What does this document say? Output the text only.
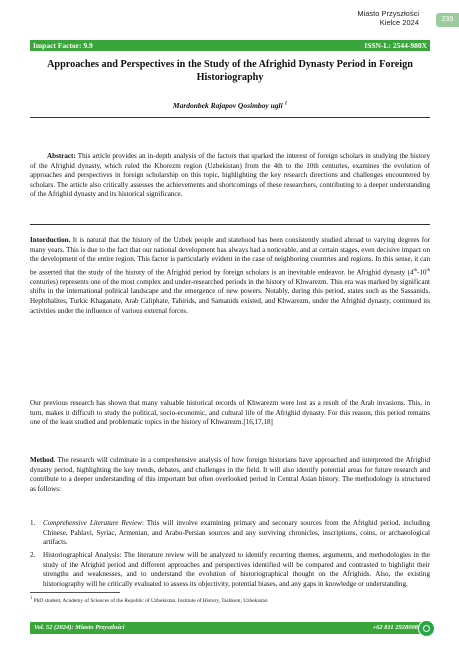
Miasto Przyszłości
Kielce 2024	235
Impact Factor: 9.9	ISSN-L: 2544-980X
Approaches and Perspectives in the Study of the Afrighid Dynasty Period in Foreign Historiography
Mardonbek Rajapov Qosimboy ugli $^1$

Abstract: This article provides an in-depth analysis of the factors that sparked the interest of foreign scholars in studying the history of the Afrighid dynasty, which ruled the Khorezm region (Uzbekistan) from the 4th to the 10th centuries, examines the evolution of approaches and perspectives in foreign scholarship on this topic, highlighting the key research directions and challenges encountered by scholars. The article also critically assesses the achievements and shortcomings of these researchers, contributing to a deeper understanding of the Afrighid dynasty and its historical significance.

Intorduction. It is natural that the history of the Uzbek people and statehood has been consistently studied abroad to varying degrees for many years. This is due to the fact that our national development has always had a noticeable, and at certain stages, even decisive impact on the development of the entire region. This factor is particularly evident in the case of neighboring countries and regions. In this sense, it can be asserted that the study of the history of the Afrighid period by foreign scholars is an inevitable endeavor. he Afrighid dynasty (4th-10th centuries) represents one of the most complex and under-researched periods in the history of Khwarezm. This era was marked by significant shifts in the international political landscape and the emergence of new powers. Notably, during this period, states such as the Sassanids, Hephthalites, Turkic Khaganate, Arab Caliphate, Tahirids, and Samanids existed, and Khwarezm, under the Afrighid dynasty, continued its activities under the influence of various external forces.

Our previous research has shown that many valuable historical records of Khwarezm were lost as a result of the Arab invasions. This, in turn, makes it difficult to study the political, socio-economic, and cultural life of the Afrighid dynasty. For this reason, this period remains one of the least studied and problematic topics in the history of Khwarezm.[16,17,18]

Method. The research will culminate in a comprehensive analysis of how foreign historians have approached and interpreted the Afrighid dynasty period, highlighting the key trends, debates, and challenges in the field. It will also identify potential areas for future research and contribute to a deeper understanding of this important but often overlooked period in Central Asian history. The methodology is structured as follows:

1. Comprehensive Literature Review: This will involve examining primary and seconary sources from the Afrighid period, including Chinese, Pahlavi, Syriac, Armenian, and Arabo-Persian sources and any surviving chronicles, inscriptions, coins, or archaeological artifacts.
2. Historiographical Analysis: The literature review will be analyzed to identify recurring themes, arguments, and methodologies in the study of the Afrighid period and different approaches and perspectives identified will be compared and contrasted to highlight their strengths and weaknesses, and to understand the evolution of historiographical thought on the Afrighids. Also, the existing historiography will be critically evaluated to assess its objectivity, potential biases, and any gaps in knowledge or understanding.
$^1$ PhD student, Academy of Sciences of the Republic of Uzbekistan, Institute of History, Tashkent, Uzbekistan
Vol. 52 (2024): Miasto Przyszłości	+62 811 2928008
